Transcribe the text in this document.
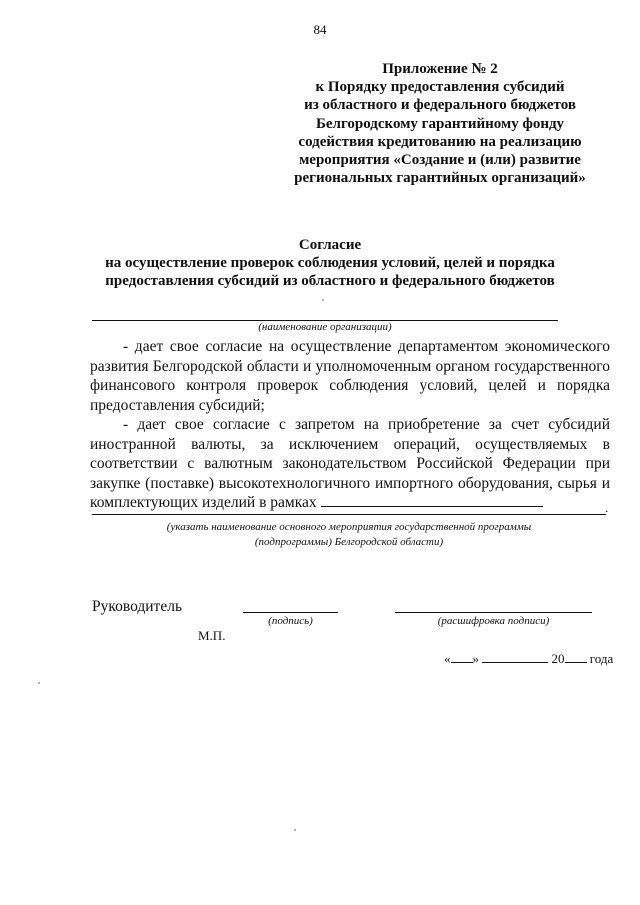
84
Приложение № 2
к Порядку предоставления субсидий
из областного и федерального бюджетов
Белгородскому гарантийному фонду
содействия кредитованию на реализацию
мероприятия «Создание и (или) развитие
региональных гарантийных организаций»
Согласие
на осуществление проверок соблюдения условий, целей и порядка
предоставления субсидий из областного и федерального бюджетов
(наименование организации)

- дает свое согласие на осуществление департаментом экономического развития Белгородской области и уполномоченным органом государственного финансового контроля проверок соблюдения условий, целей и порядка предоставления субсидий;

- дает свое согласие с запретом на приобретение за счет субсидий иностранной валюты, за исключением операций, осуществляемых в соответствии с валютным законодательством Российской Федерации при закупке (поставке) высокотехнологичного импортного оборудования, сырья и комплектующих изделий в рамках	.
(указать наименование основного мероприятия государственной программы
(подпрограммы) Белгородской области)
Руководитель
(подпись)	(расшифровка подписи)
М.П.
« »	20 года
